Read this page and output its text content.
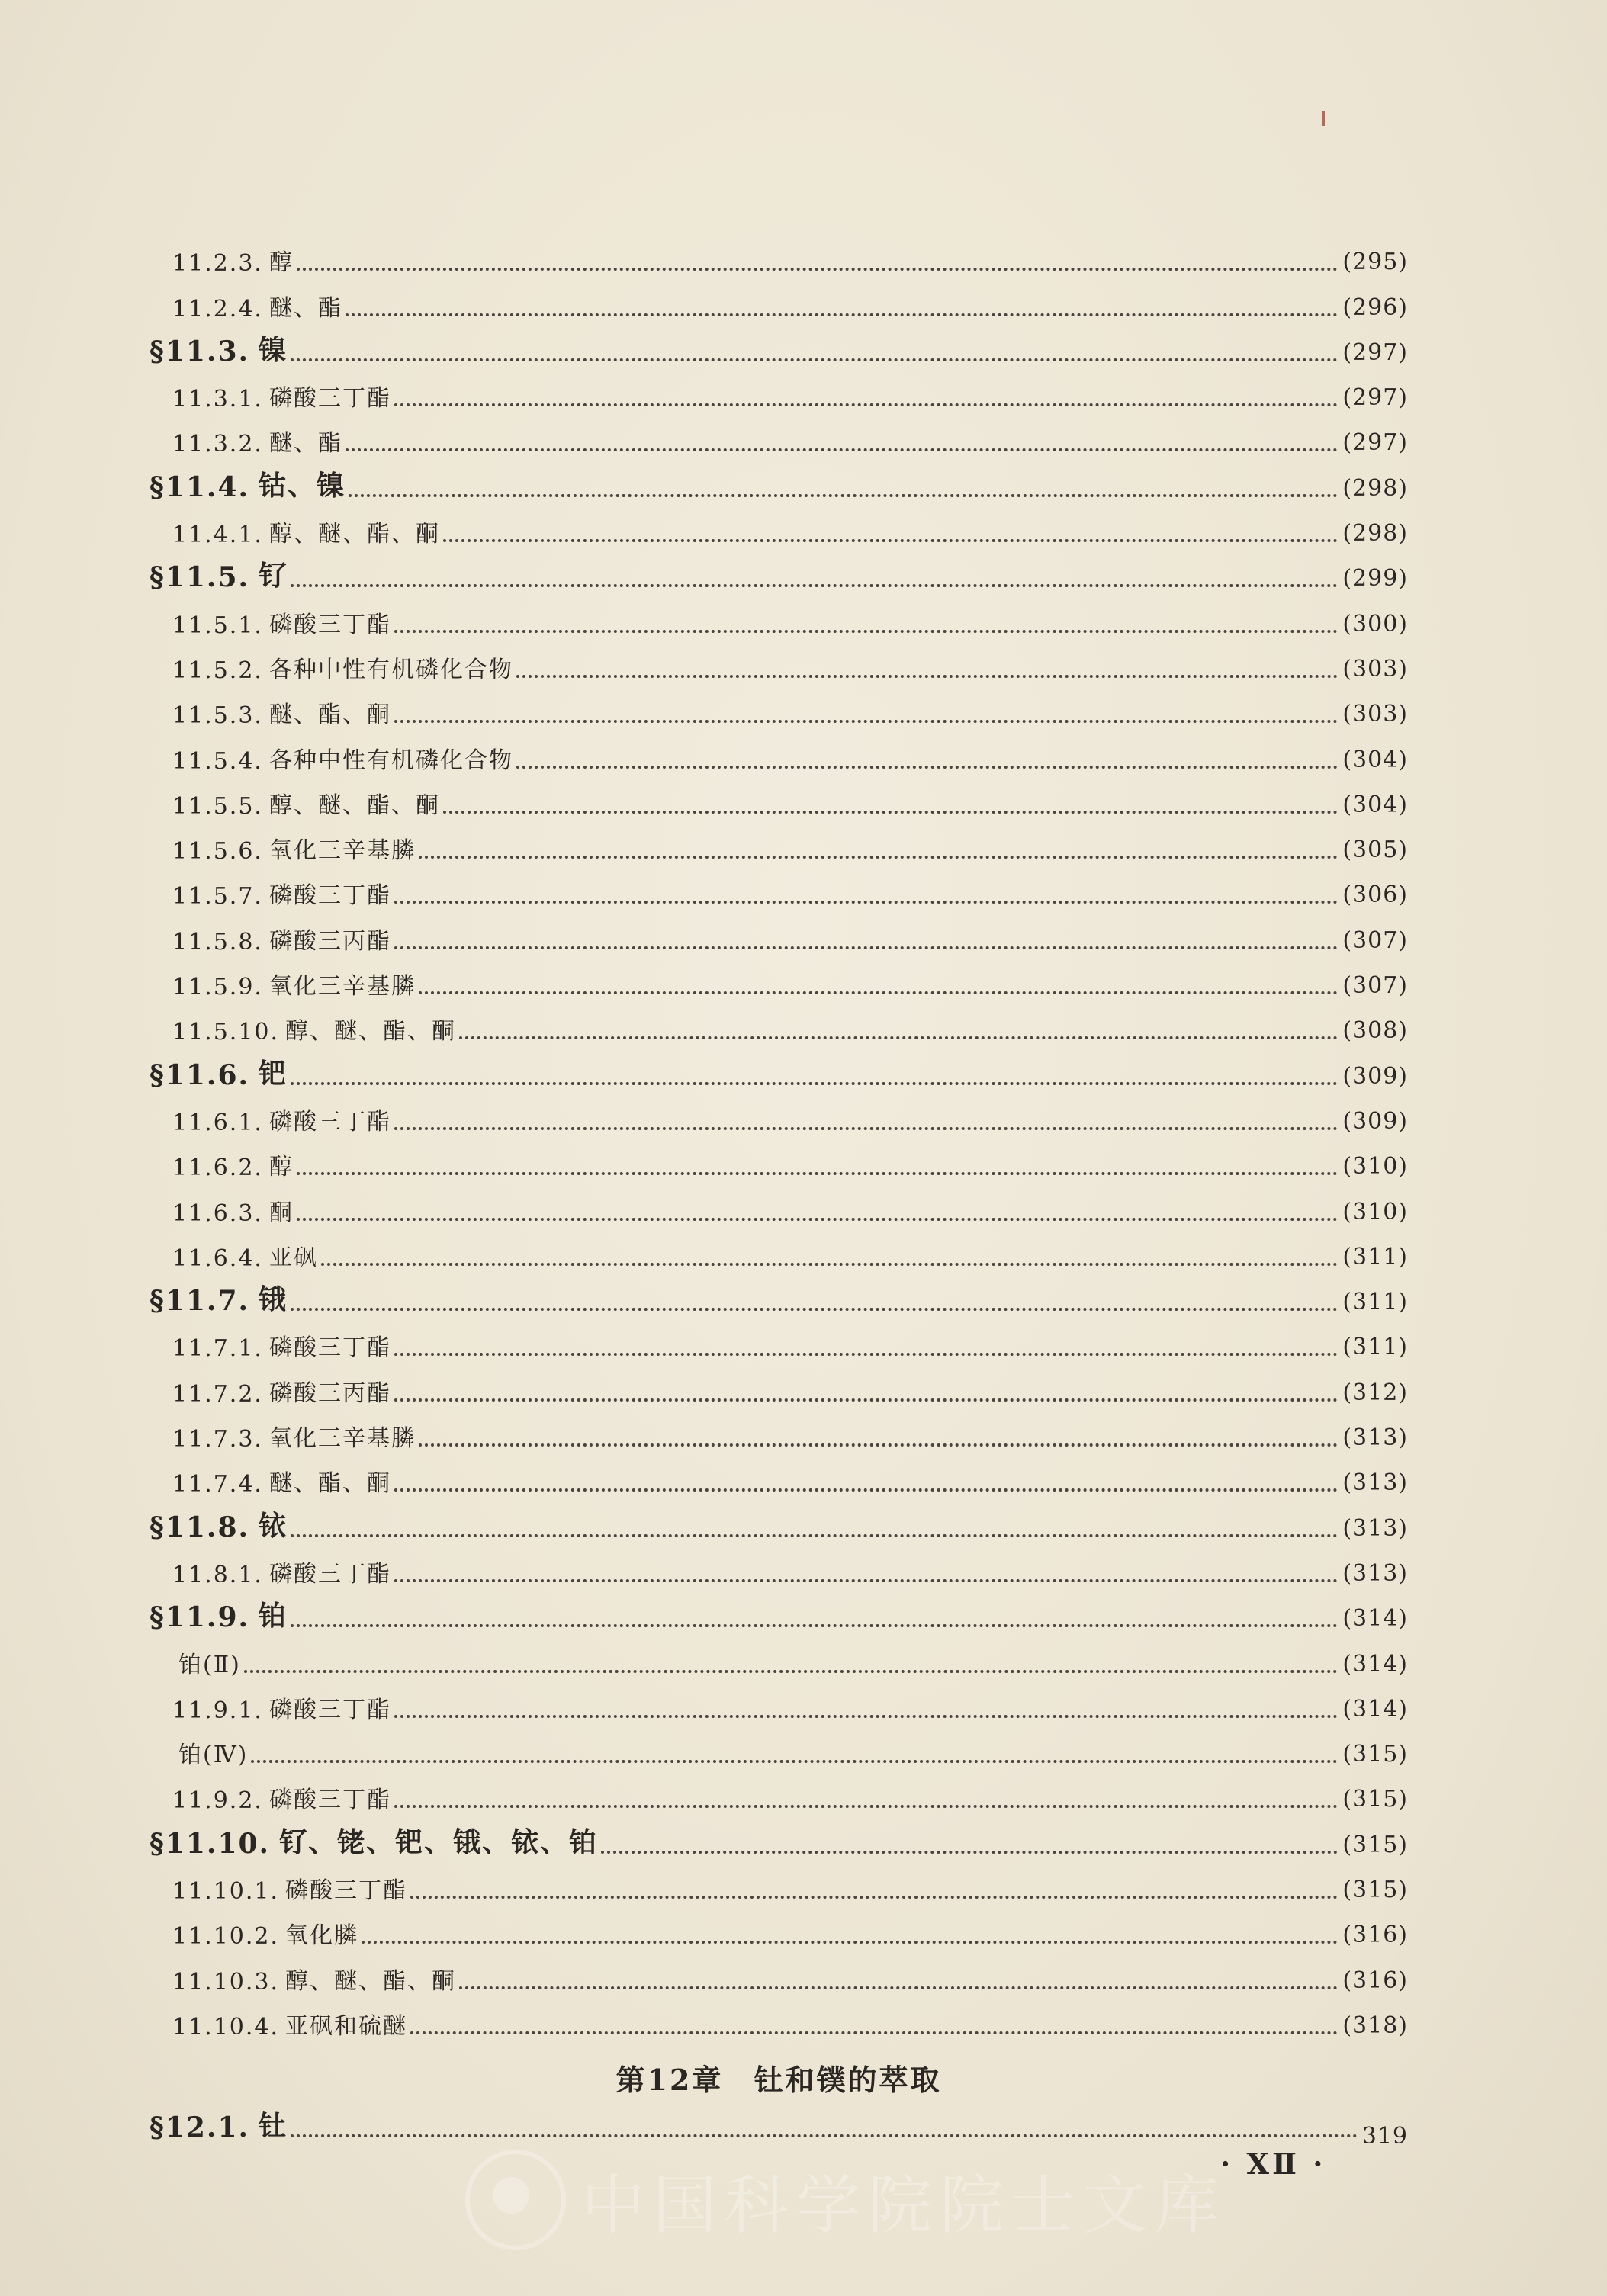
11.2.3. 醇	(295)
11.2.4. 醚、酯	(296)
§11.3. 镍	(297)
11.3.1. 磷酸三丁酯	(297)
11.3.2. 醚、酯	(297)
§11.4. 钴、镍	(298)
11.4.1. 醇、醚、酯、酮	(298)
§11.5. 钌	(299)
11.5.1. 磷酸三丁酯	(300)
11.5.2. 各种中性有机磷化合物	(303)
11.5.3. 醚、酯、酮	(303)
11.5.4. 各种中性有机磷化合物	(304)
11.5.5. 醇、醚、酯、酮	(304)
11.5.6. 氧化三辛基膦	(305)
11.5.7. 磷酸三丁酯	(306)
11.5.8. 磷酸三丙酯	(307)
11.5.9. 氧化三辛基膦	(307)
11.5.10. 醇、醚、酯、酮	(308)
§11.6. 钯	(309)
11.6.1. 磷酸三丁酯	(309)
11.6.2. 醇	(310)
11.6.3. 酮	(310)
11.6.4. 亚砜	(311)
§11.7. 锇	(311)
11.7.1. 磷酸三丁酯	(311)
11.7.2. 磷酸三丙酯	(312)
11.7.3. 氧化三辛基膦	(313)
11.7.4. 醚、酯、酮	(313)
§11.8. 铱	(313)
11.8.1. 磷酸三丁酯	(313)
§11.9. 铂	(314)
铂(Ⅱ)	(314)
11.9.1. 磷酸三丁酯	(314)
铂(Ⅳ)	(315)
11.9.2. 磷酸三丁酯	(315)
§11.10. 钌、铑、钯、锇、铱、铂	(315)
11.10.1. 磷酸三丁酯	(315)
11.10.2. 氧化膦	(316)
11.10.3. 醇、醚、酯、酮	(316)
11.10.4. 亚砜和硫醚	(318)
第12章 钍和镤的萃取
§12.1. 钍	319
中国科学院院士文库
· XⅡ ·
